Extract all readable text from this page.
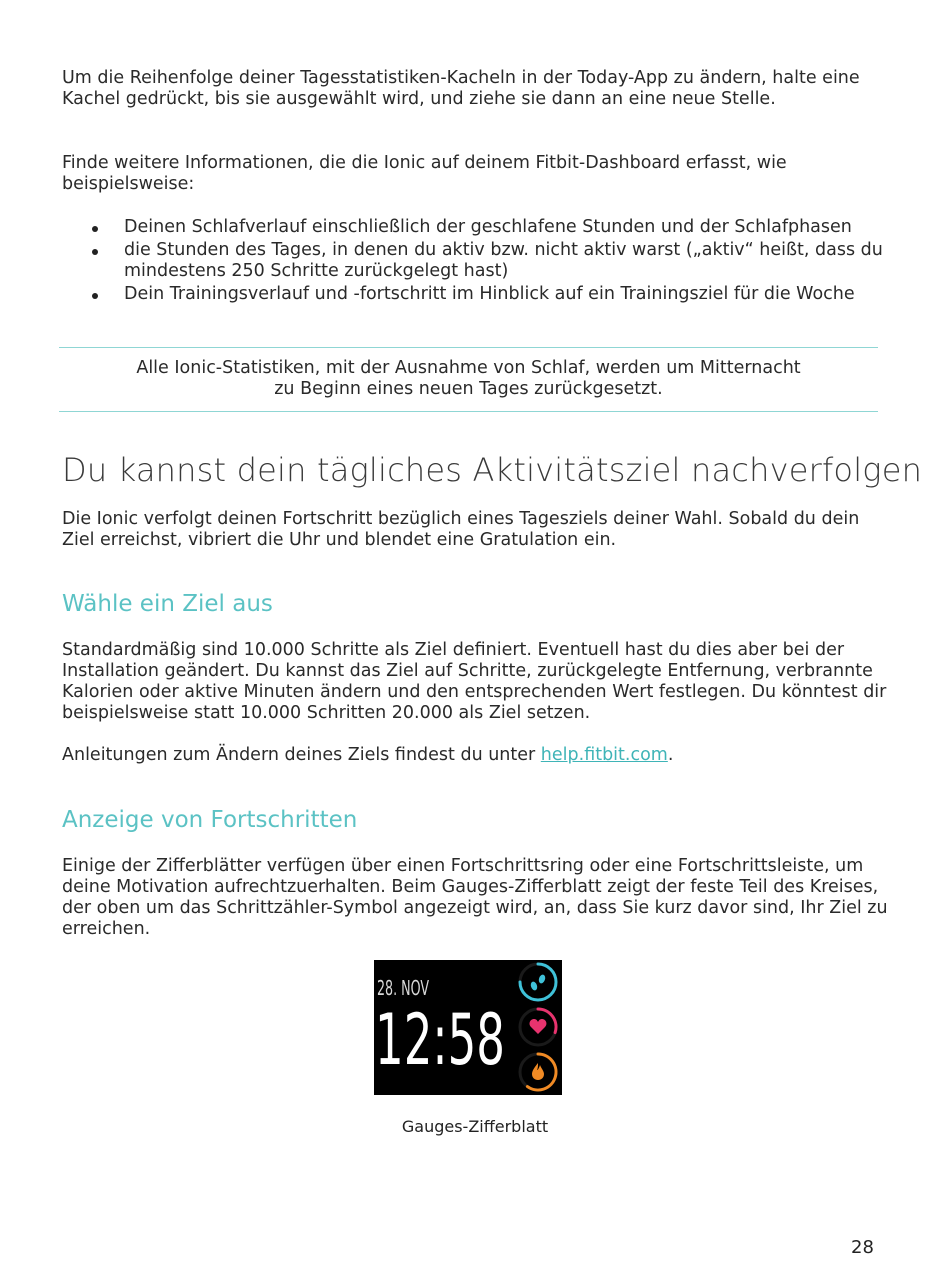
Um die Reihenfolge deiner Tagesstatistiken-Kacheln in der Today-App zu ändern, halte eine Kachel gedrückt, bis sie ausgewählt wird, und ziehe sie dann an eine neue Stelle.

Finde weitere Informationen, die die Ionic auf deinem Fitbit-Dashboard erfasst, wie beispielsweise:

Deinen Schlafverlauf einschließlich der geschlafene Stunden und der Schlafphasen
die Stunden des Tages, in denen du aktiv bzw. nicht aktiv warst („aktiv“ heißt, dass du mindestens 250 Schritte zurückgelegt hast)
Dein Trainingsverlauf und -fortschritt im Hinblick auf ein Trainingsziel für die Woche
Alle Ionic-Statistiken, mit der Ausnahme von Schlaf, werden um Mitternacht
zu Beginn eines neuen Tages zurückgesetzt.
Du kannst dein tägliches Aktivitätsziel nachverfolgen

Die Ionic verfolgt deinen Fortschritt bezüglich eines Tagesziels deiner Wahl. Sobald du dein Ziel erreichst, vibriert die Uhr und blendet eine Gratulation ein.

Wähle ein Ziel aus

Standardmäßig sind 10.000 Schritte als Ziel definiert. Eventuell hast du dies aber bei der Installation geändert. Du kannst das Ziel auf Schritte, zurückgelegte Entfernung, verbrannte Kalorien oder aktive Minuten ändern und den entsprechenden Wert festlegen. Du könntest dir beispielsweise statt 10.000 Schritten 20.000 als Ziel setzen.

Anleitungen zum Ändern deines Ziels findest du unter help.fitbit.com.

Anzeige von Fortschritten

Einige der Zifferblätter verfügen über einen Fortschrittsring oder eine Fortschrittsleiste, um deine Motivation aufrechtzuerhalten. Beim Gauges-Zifferblatt zeigt der feste Teil des Kreises, der oben um das Schrittzähler-Symbol angezeigt wird, an, dass Sie kurz davor sind, Ihr Ziel zu erreichen.

28. NOV
12:58
Gauges-Zifferblatt
28
